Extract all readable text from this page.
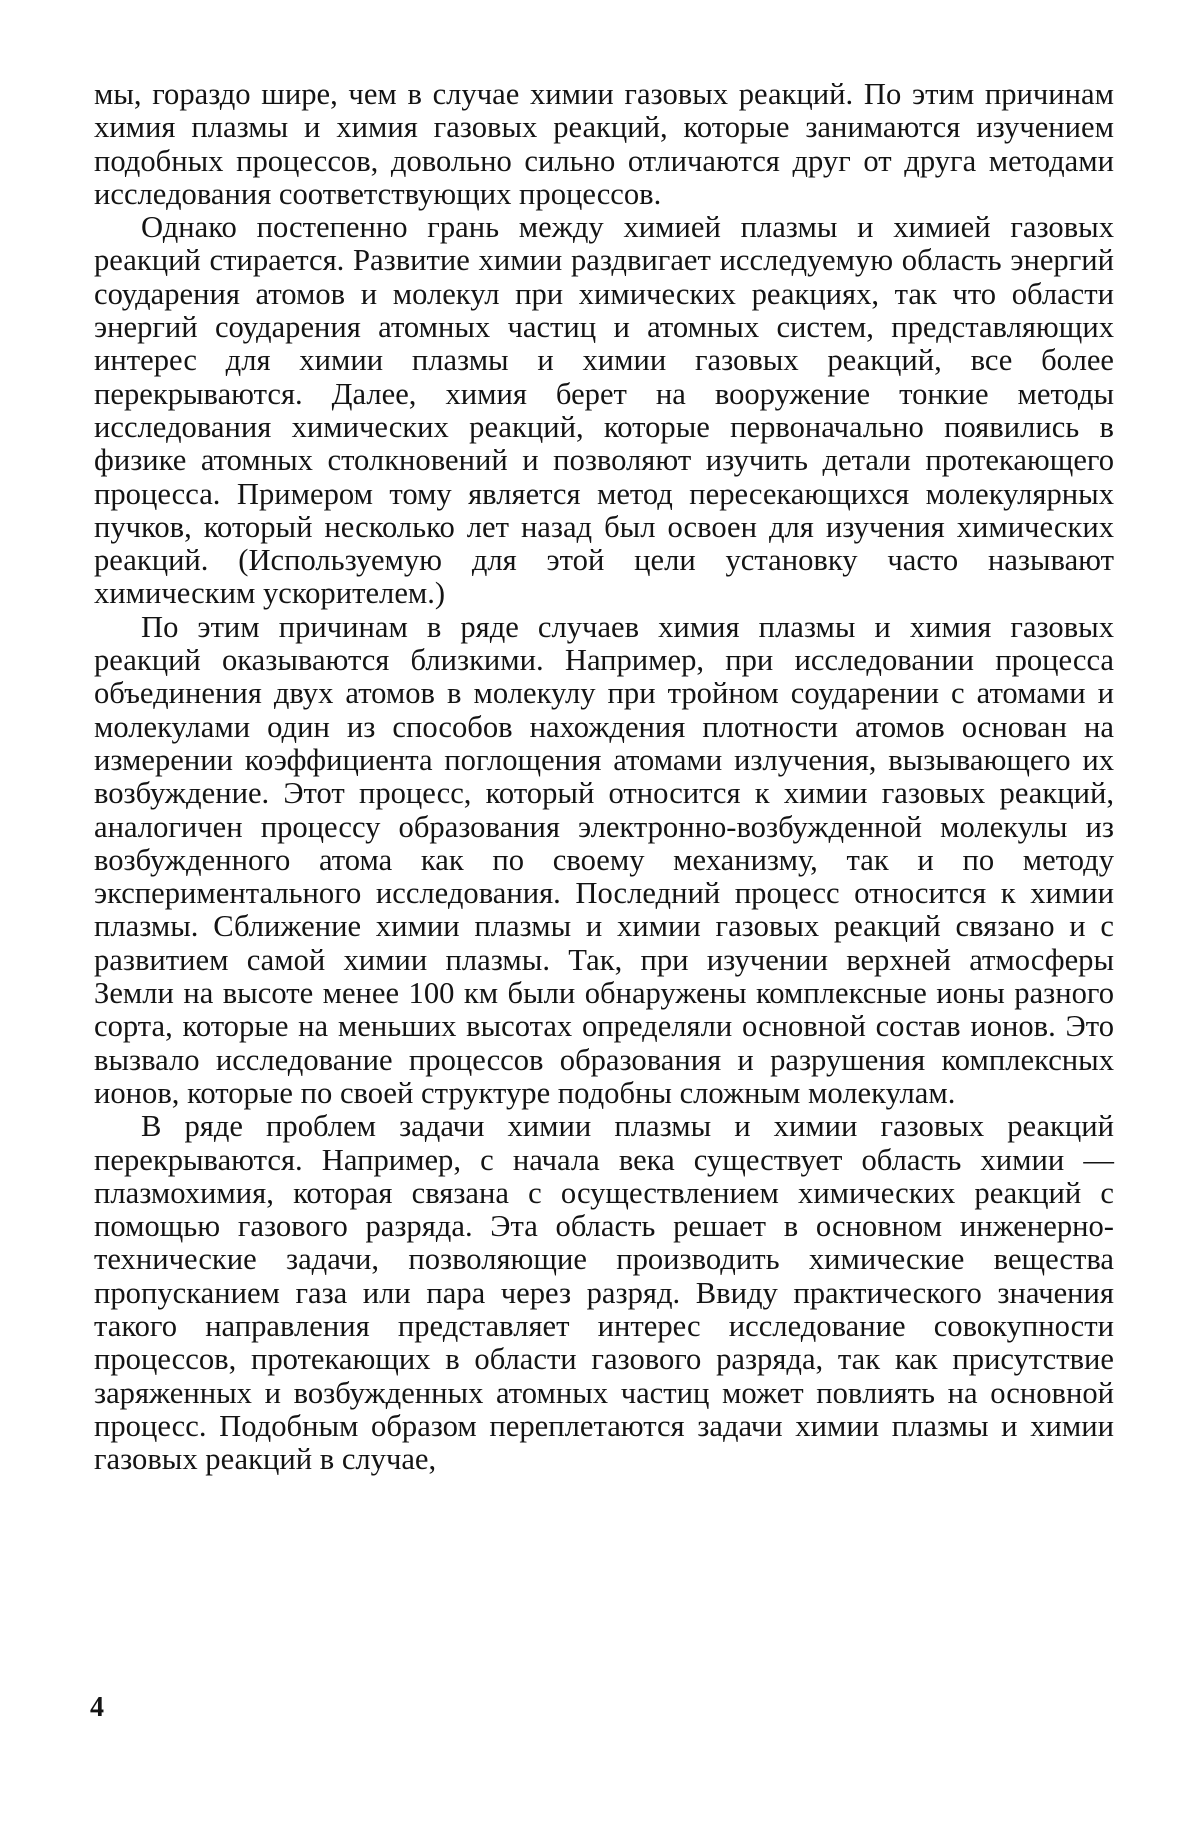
мы, гораздо шире, чем в случае химии газовых реакций. По этим причинам химия плазмы и химия газовых реакций, которые занимаются изучением подобных процессов, довольно сильно отличаются друг от друга методами исследования соответствующих процессов.

Однако постепенно грань между химией плазмы и химией газовых реакций стирается. Развитие химии раздвигает исследуемую область энергий соударения атомов и молекул при химических реакциях, так что области энергий соударения атомных частиц и атомных систем, представляющих интерес для химии плазмы и химии газовых реакций, все более перекрываются. Далее, химия берет на вооружение тонкие методы исследования химических реакций, которые первоначально появились в физике атомных столкновений и позволяют изучить детали протекающего процесса. Примером тому является метод пересекающихся молекулярных пучков, который несколько лет назад был освоен для изучения химических реакций. (Используемую для этой цели установку часто называют химическим ускорителем.)

По этим причинам в ряде случаев химия плазмы и химия газовых реакций оказываются близкими. Например, при исследовании процесса объединения двух атомов в молекулу при тройном соударении с атомами и молекулами один из способов нахождения плотности атомов основан на измерении коэффициента поглощения атомами излучения, вызывающего их возбуждение. Этот процесс, который относится к химии газовых реакций, аналогичен процессу образования электронно-возбужденной молекулы из возбужденного атома как по своему механизму, так и по методу экспериментального исследования. Последний процесс относится к химии плазмы. Сближение химии плазмы и химии газовых реакций связано и с развитием самой химии плазмы. Так, при изучении верхней атмосферы Земли на высоте менее 100 км были обнаружены комплексные ионы разного сорта, которые на меньших высотах определяли основной состав ионов. Это вызвало исследование процессов образования и разрушения комплексных ионов, которые по своей структуре подобны сложным молекулам.

В ряде проблем задачи химии плазмы и химии газовых реакций перекрываются. Например, с начала века существует область химии — плазмохимия, которая связана с осуществлением химических реакций с помощью газового разряда. Эта область решает в основном инженерно-технические задачи, позволяющие производить химические вещества пропусканием газа или пара через разряд. Ввиду практического значения такого направления представляет интерес исследование совокупности процессов, протекающих в области газового разряда, так как присутствие заряженных и возбужденных атомных частиц может повлиять на основной процесс. Подобным образом переплетаются задачи химии плазмы и химии газовых реакций в случае,

4
